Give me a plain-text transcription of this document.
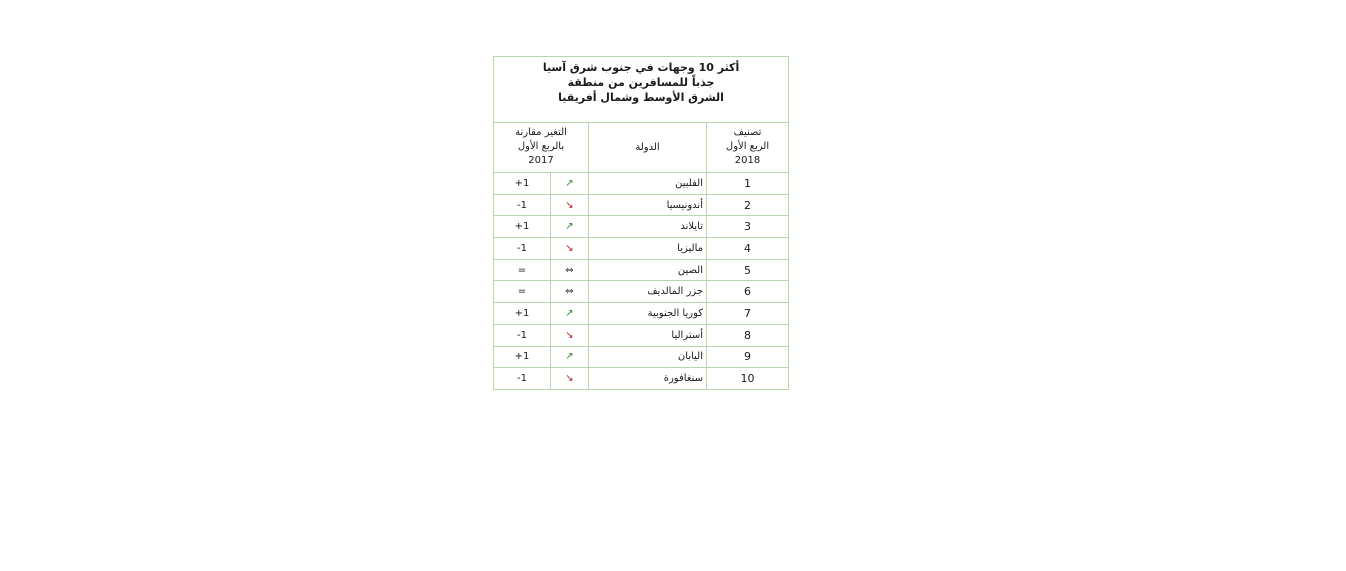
أكثر 10 وجهات في جنوب شرق آسيا
جذباً للمسافرين من منطقة
الشرق الأوسط وشمال أفريقيا			

التغير مقارنة
بالربع الأول
2017		الدولة	تصنيف
الربع الأول
2018

+1	↗	الفلبين	1
-1	↘	أندونيسيا	2
+1	↗	تايلاند	3
-1	↘	ماليزيا	4
=	⇔	الصين	5
=	⇔	جزر المالديف	6
+1	↗	كوريا الجنوبية	7
-1	↘	أستراليا	8
+1	↗	اليابان	9
-1	↘	سنغافورة	10
